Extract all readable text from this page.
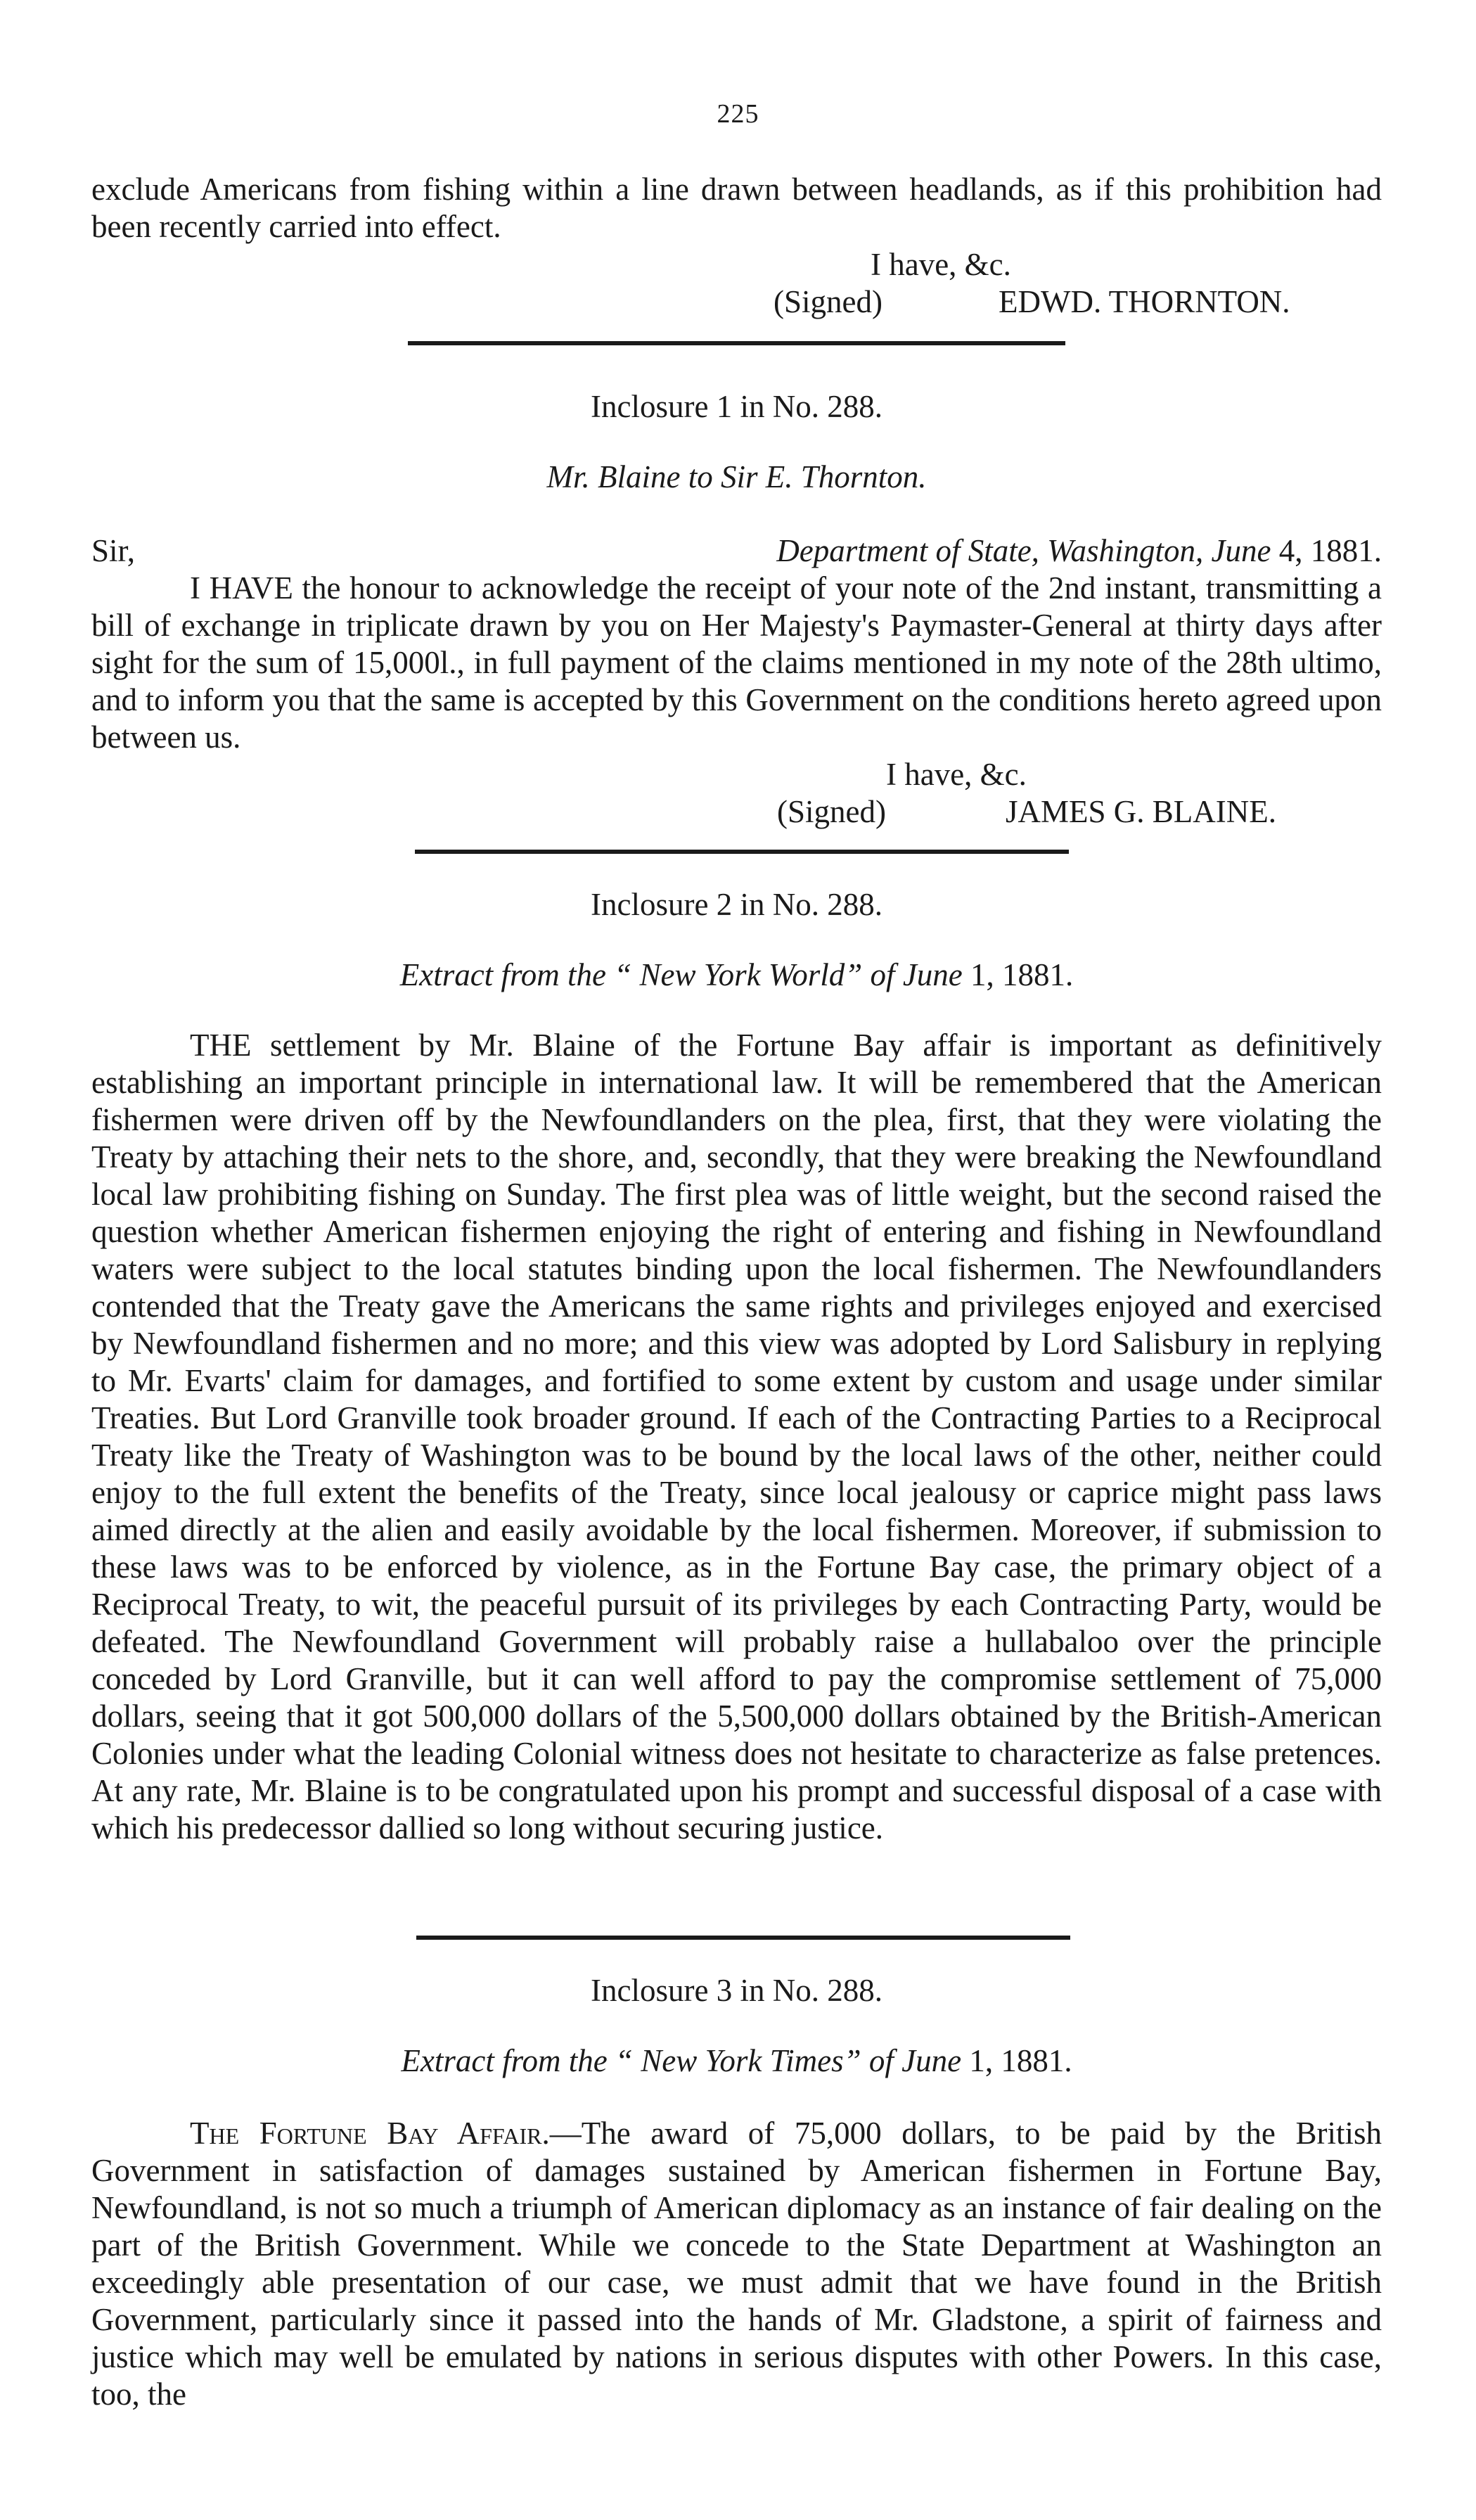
225

exclude Americans from fishing within a line drawn between headlands, as if this prohibition had been recently carried into effect.

I have, &c.
(Signed)	EDWD. THORNTON.
Inclosure 1 in No. 288.
Mr. Blaine to Sir E. Thornton.
Sir,	Department of State, Washington, June 4, 1881.

I HAVE the honour to acknowledge the receipt of your note of the 2nd instant, transmitting a bill of exchange in triplicate drawn by you on Her Majesty's Paymaster-General at thirty days after sight for the sum of 15,000l., in full payment of the claims mentioned in my note of the 28th ultimo, and to inform you that the same is accepted by this Government on the conditions hereto agreed upon between us.

I have, &c.
(Signed)	JAMES G. BLAINE.
Inclosure 2 in No. 288.
Extract from the “ New York World” of June 1, 1881.

THE settlement by Mr. Blaine of the Fortune Bay affair is important as definitively establishing an important principle in international law. It will be remembered that the American fishermen were driven off by the Newfoundlanders on the plea, first, that they were violating the Treaty by attaching their nets to the shore, and, secondly, that they were breaking the Newfoundland local law prohibiting fishing on Sunday. The first plea was of little weight, but the second raised the question whether American fishermen enjoying the right of entering and fishing in Newfoundland waters were subject to the local statutes binding upon the local fishermen. The Newfoundlanders contended that the Treaty gave the Americans the same rights and privileges enjoyed and exercised by Newfoundland fishermen and no more; and this view was adopted by Lord Salisbury in replying to Mr. Evarts' claim for damages, and fortified to some extent by custom and usage under similar Treaties. But Lord Granville took broader ground. If each of the Contracting Parties to a Reciprocal Treaty like the Treaty of Washington was to be bound by the local laws of the other, neither could enjoy to the full extent the benefits of the Treaty, since local jealousy or caprice might pass laws aimed directly at the alien and easily avoidable by the local fishermen. Moreover, if submission to these laws was to be enforced by violence, as in the Fortune Bay case, the primary object of a Reciprocal Treaty, to wit, the peaceful pursuit of its privileges by each Contracting Party, would be defeated. The Newfoundland Government will probably raise a hullabaloo over the principle conceded by Lord Granville, but it can well afford to pay the compromise settlement of 75,000 dollars, seeing that it got 500,000 dollars of the 5,500,000 dollars obtained by the British-American Colonies under what the leading Colonial witness does not hesitate to characterize as false pretences. At any rate, Mr. Blaine is to be congratulated upon his prompt and successful disposal of a case with which his predecessor dallied so long without securing justice.

Inclosure 3 in No. 288.
Extract from the “ New York Times” of June 1, 1881.

The Fortune Bay Affair.—The award of 75,000 dollars, to be paid by the British Government in satisfaction of damages sustained by American fishermen in Fortune Bay, Newfoundland, is not so much a triumph of American diplomacy as an instance of fair dealing on the part of the British Government. While we concede to the State Department at Washington an exceedingly able presentation of our case, we must admit that we have found in the British Government, particularly since it passed into the hands of Mr. Gladstone, a spirit of fairness and justice which may well be emulated by nations in serious disputes with other Powers. In this case, too, the
